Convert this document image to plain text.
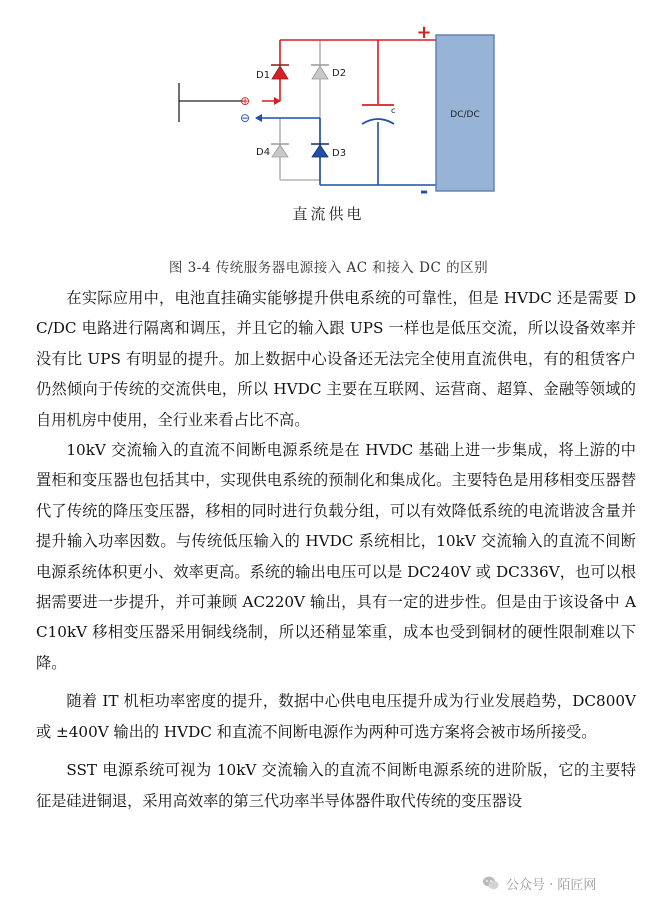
D1	D2
D4	D3
c	DC/DC
+
-
⊕
⊖
直流供电
图 3-4 传统服务器电源接入 AC 和接入 DC 的区别

在实际应用中，电池直挂确实能够提升供电系统的可靠性，但是 HVDC 还是需要 DC/DC 电路进行隔离和调压，并且它的输入跟 UPS 一样也是低压交流，所以设备效率并没有比 UPS 有明显的提升。加上数据中心设备还无法完全使用直流供电，有的租赁客户仍然倾向于传统的交流供电，所以 HVDC 主要在互联网、运营商、超算、金融等领域的自用机房中使用，全行业来看占比不高。

10kV 交流输入的直流不间断电源系统是在 HVDC 基础上进一步集成，将上游的中置柜和变压器也包括其中，实现供电系统的预制化和集成化。主要特色是用移相变压器替代了传统的降压变压器，移相的同时进行负载分组，可以有效降低系统的电流谐波含量并提升输入功率因数。与传统低压输入的 HVDC 系统相比，10kV 交流输入的直流不间断电源系统体积更小、效率更高。系统的输出电压可以是 DC240V 或 DC336V，也可以根据需要进一步提升，并可兼顾 AC220V 输出，具有一定的进步性。但是由于该设备中 AC10kV 移相变压器采用铜线绕制，所以还稍显笨重，成本也受到铜材的硬性限制难以下降。

随着 IT 机柜功率密度的提升，数据中心供电电压提升成为行业发展趋势，DC800V 或 ±400V 输出的 HVDC 和直流不间断电源作为两种可选方案将会被市场所接受。

SST 电源系统可视为 10kV 交流输入的直流不间断电源系统的进阶版，它的主要特征是硅进铜退，采用高效率的第三代功率半导体器件取代传统的变压器设

公众号 · 陌匠网
